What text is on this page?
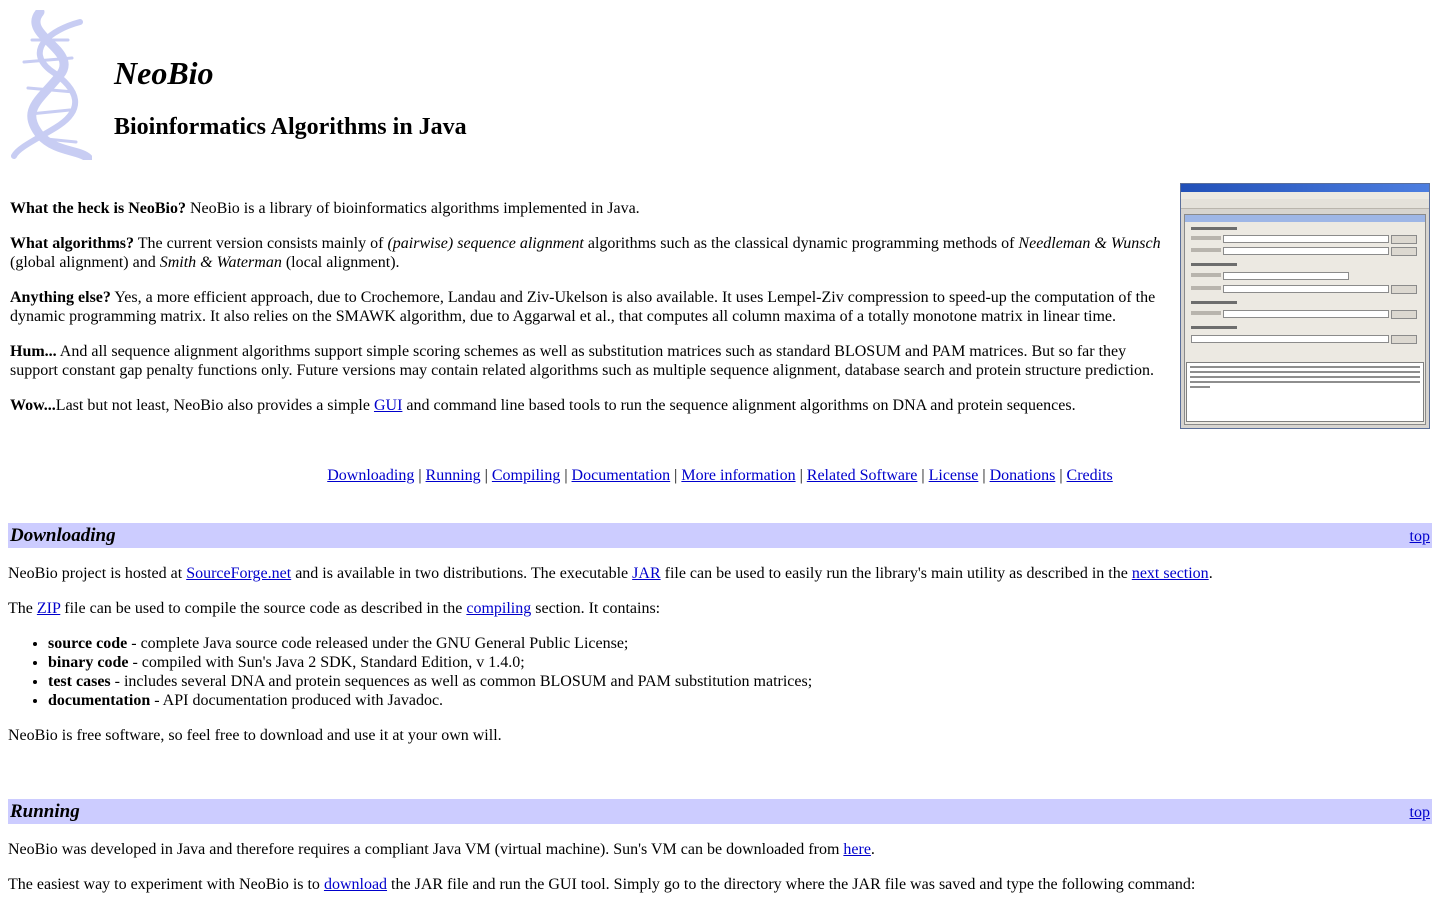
NeoBio
Bioinformatics Algorithms in Java

What the heck is NeoBio? NeoBio is a library of bioinformatics algorithms implemented in Java.

What algorithms? The current version consists mainly of (pairwise) sequence alignment algorithms such as the classical dynamic programming methods of Needleman & Wunsch (global alignment) and Smith & Waterman (local alignment).

Anything else? Yes, a more efficient approach, due to Crochemore, Landau and Ziv-Ukelson is also available. It uses Lempel-Ziv compression to speed-up the computation of the dynamic programming matrix. It also relies on the SMAWK algorithm, due to Aggarwal et al., that computes all column maxima of a totally monotone matrix in linear time.

Hum... And all sequence alignment algorithms support simple scoring schemes as well as substitution matrices such as standard BLOSUM and PAM matrices. But so far they support constant gap penalty functions only. Future versions may contain related algorithms such as multiple sequence alignment, database search and protein structure prediction.

Wow...Last but not least, NeoBio also provides a simple GUI and command line based tools to run the sequence alignment algorithms on DNA and protein sequences.

Downloading | Running | Compiling | Documentation | More information | Related Software | License | Donations | Credits
Downloading	top

NeoBio project is hosted at SourceForge.net and is available in two distributions. The executable JAR file can be used to easily run the library's main utility as described in the next section.

The ZIP file can be used to compile the source code as described in the compiling section. It contains:

• source code - complete Java source code released under the GNU General Public License;
• binary code - compiled with Sun's Java 2 SDK, Standard Edition, v 1.4.0;
• test cases - includes several DNA and protein sequences as well as common BLOSUM and PAM substitution matrices;
• documentation - API documentation produced with Javadoc.

NeoBio is free software, so feel free to download and use it at your own will.

Running	top

NeoBio was developed in Java and therefore requires a compliant Java VM (virtual machine). Sun's VM can be downloaded from here.

The easiest way to experiment with NeoBio is to download the JAR file and run the GUI tool. Simply go to the directory where the JAR file was saved and type the following command:
